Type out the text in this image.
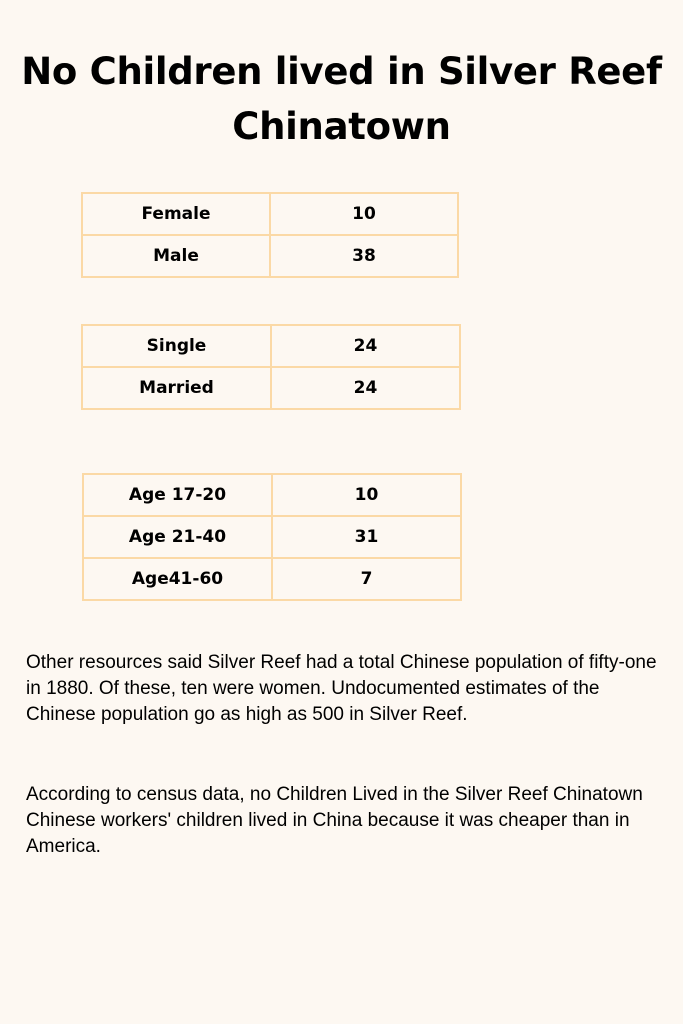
No Children lived in Silver Reef Chinatown
Female	10
Male	38
Single	24
Married	24
Age 17-20	10
Age 21-40	31
Age41-60	7

Other resources said Silver Reef had a total Chinese population of fifty-one in 1880. Of these, ten were women. Undocumented estimates of the Chinese population go as high as 500 in Silver Reef.

According to census data, no Children Lived in the Silver Reef Chinatown
Chinese workers' children lived in China because it was cheaper than in America.
